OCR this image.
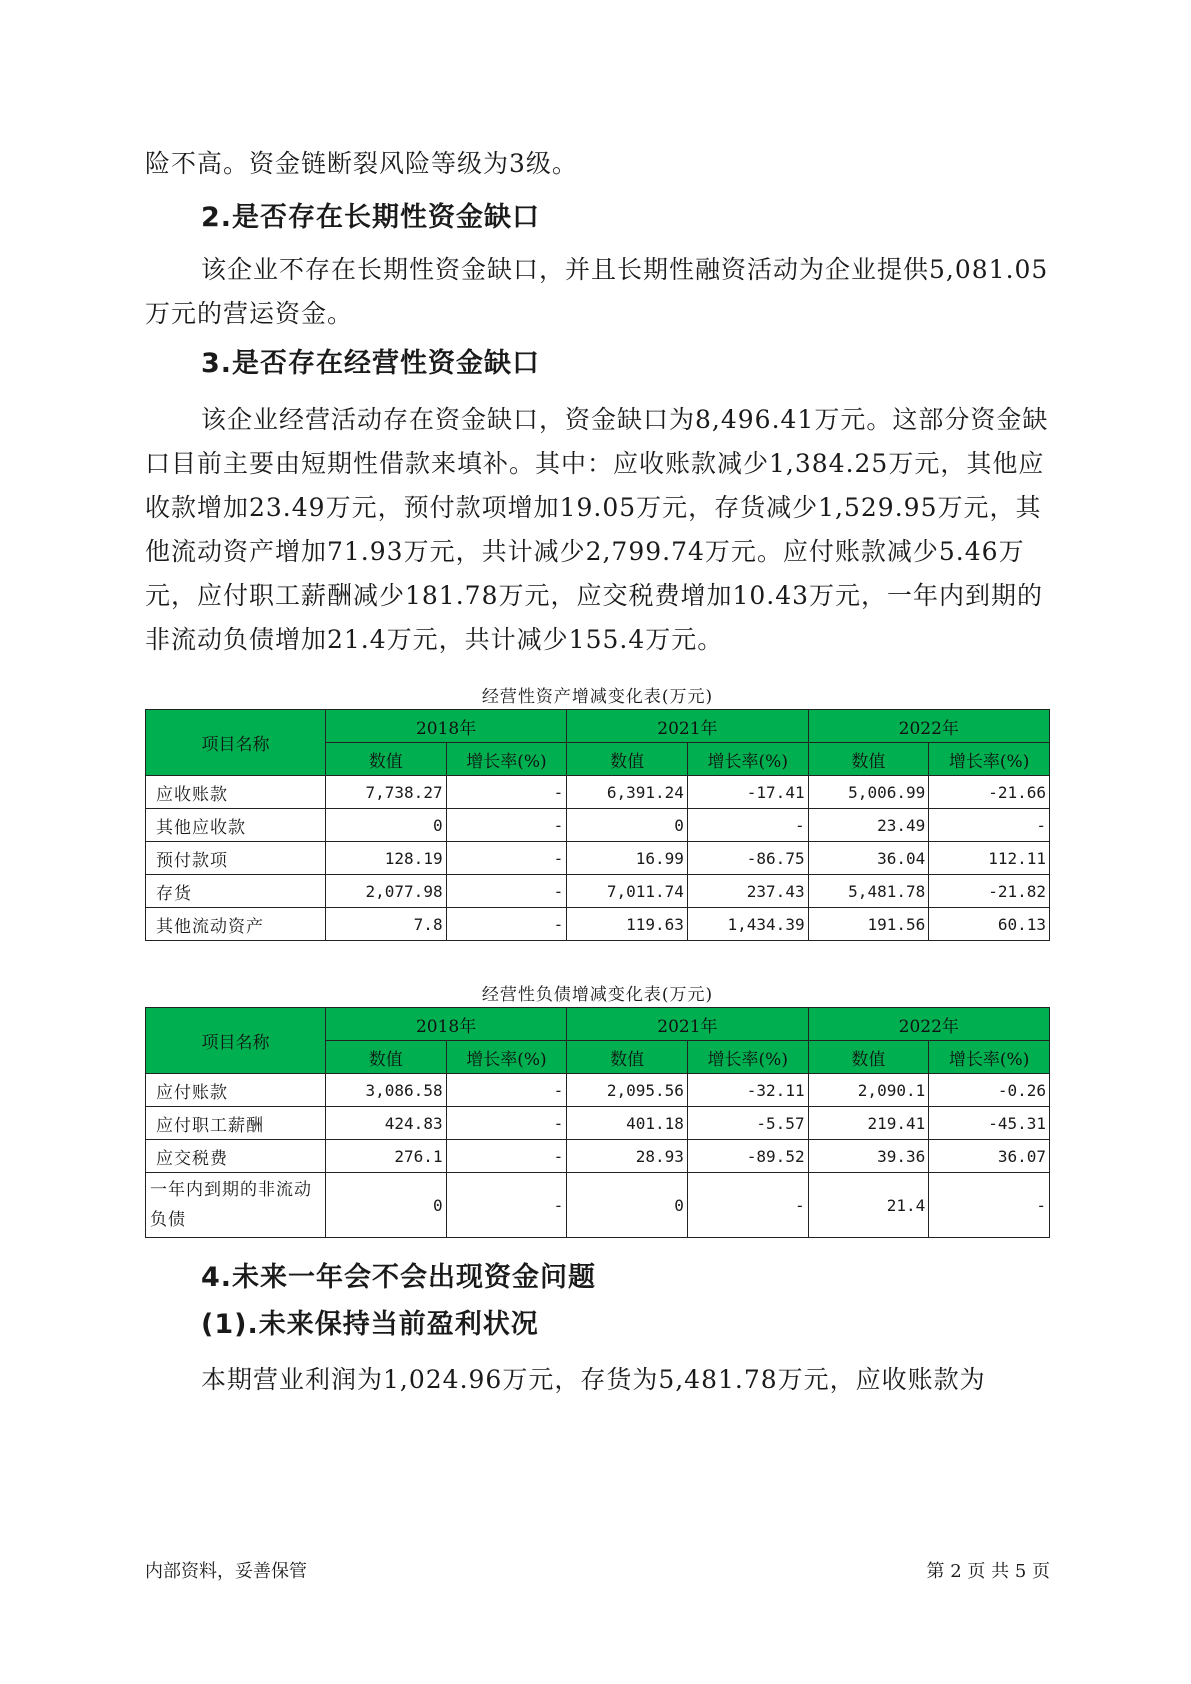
险不高。资金链断裂风险等级为3级。

2.是否存在长期性资金缺口

该企业不存在长期性资金缺口，并且长期性融资活动为企业提供5,081.05万元的营运资金。

3.是否存在经营性资金缺口

该企业经营活动存在资金缺口，资金缺口为8,496.41万元。这部分资金缺口目前主要由短期性借款来填补。其中：应收账款减少1,384.25万元，其他应收款增加23.49万元，预付款项增加19.05万元，存货减少1,529.95万元，其他流动资产增加71.93万元，共计减少2,799.74万元。应付账款减少5.46万元，应付职工薪酬减少181.78万元，应交税费增加10.43万元，一年内到期的非流动负债增加21.4万元，共计减少155.4万元。

经营性资产增减变化表(万元)
项目名称	2018年		2021年		2022年	
	数值	增长率(%)	数值	增长率(%)	数值	增长率(%)
应收账款	7,738.27	-	6,391.24	-17.41	5,006.99	-21.66
其他应收款	0	-	0	-	23.49	-
预付款项	128.19	-	16.99	-86.75	36.04	112.11
存货	2,077.98	-	7,011.74	237.43	5,481.78	-21.82
其他流动资产	7.8	-	119.63	1,434.39	191.56	60.13
经营性负债增减变化表(万元)
项目名称	2018年		2021年		2022年	
	数值	增长率(%)	数值	增长率(%)	数值	增长率(%)
应付账款	3,086.58	-	2,095.56	-32.11	2,090.1	-0.26
应付职工薪酬	424.83	-	401.18	-5.57	219.41	-45.31
应交税费	276.1	-	28.93	-89.52	39.36	36.07
一年内到期的非流动负债	0	-	0	-	21.4	-
4.未来一年会不会出现资金问题
(1).未来保持当前盈利状况

本期营业利润为1,024.96万元，存货为5,481.78万元，应收账款为

内部资料，妥善保管	第 2 页 共 5 页
